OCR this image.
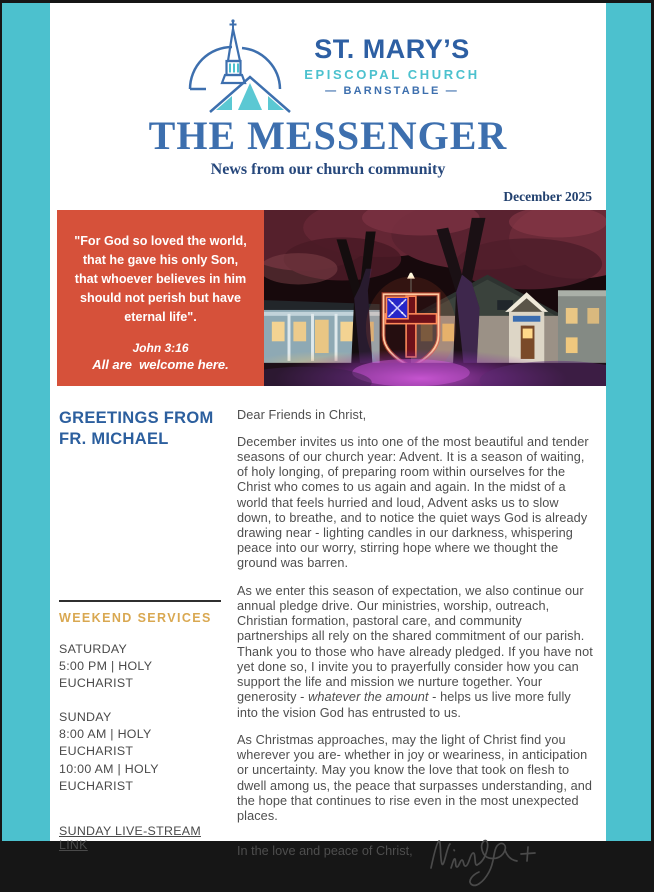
ST. MARY’S
EPISCOPAL CHURCH
— BARNSTABLE —
THE MESSENGER
News from our church community
December 2025
"For God so loved the world, that he gave his only Son, that whoever believes in him should not perish but have eternal life".
John 3:16
All are  welcome here.
GREETINGS FROM FR. MICHAEL
WEEKEND SERVICES
SATURDAY
5:00 PM | HOLY EUCHARIST
SUNDAY
8:00 AM | HOLY EUCHARIST
10:00 AM | HOLY EUCHARIST
SUNDAY LIVE-STREAM LINK

Dear Friends in Christ,

December invites us into one of the most beautiful and tender seasons of our church year: Advent. It is a season of waiting, of holy longing, of preparing room within ourselves for the Christ who comes to us again and again. In the midst of a world that feels hurried and loud, Advent asks us to slow down, to breathe, and to notice the quiet ways God is already drawing near - lighting candles in our darkness, whispering peace into our worry, stirring hope where we thought the ground was barren.

As we enter this season of expectation, we also continue our annual pledge drive. Our ministries, worship, outreach, Christian formation, pastoral care, and community partnerships all rely on the shared commitment of our parish. Thank you to those who have already pledged. If you have not yet done so, I invite you to prayerfully consider how you can support the life and mission we nurture together. Your generosity - whatever the amount - helps us live more fully into the vision God has entrusted to us.

As Christmas approaches, may the light of Christ find you wherever you are- whether in joy or weariness, in anticipation or uncertainty. May you know the love that took on flesh to dwell among us, the peace that surpasses understanding, and the hope that continues to rise even in the most unexpected places.

In the love and peace of Christ,
